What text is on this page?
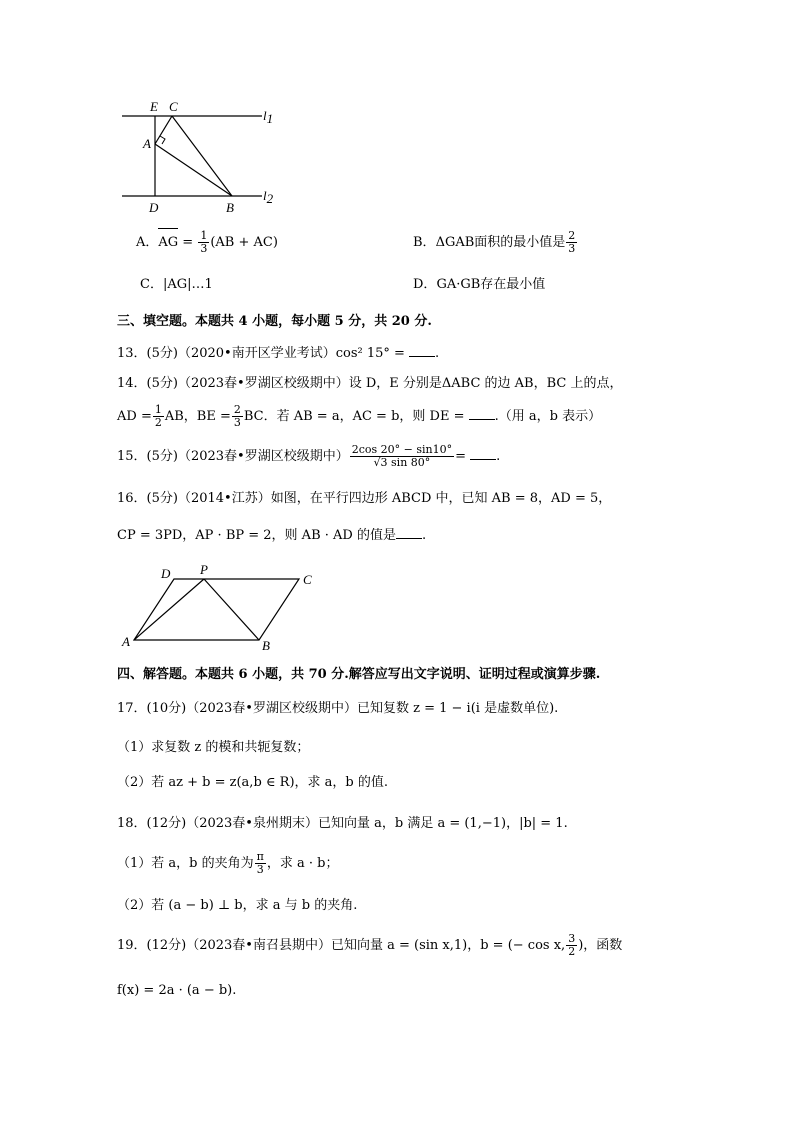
E C
A
D	B
l1
l2
A．AG = $\frac{1}{3} (AB + AC)$	B．ΔGAB面积的最小值是 $\frac{2}{3}$
C．|AG|…1	D．GA·GB存在最小值
三、填空题。本题共 4 小题，每小题 5 分，共 20 分.
13．(5分)（2020•南开区学业考试）cos² 15° = .
14．(5分)（2023春•罗湖区校级期中）设 D，E 分别是ΔABC 的边 AB，BC 上的点，
AD = $\frac{1}{2}$ AB，BE = $\frac{2}{3}$ BC．若 AB = a，AC = b，则 DE = .（用 a，b 表示）
15．(5分)（2023春•罗湖区校级期中） $\frac{2\cos 20^\circ - \sin 10^\circ}{√3 \sin 80^\circ}$ = .
16．(5分)（2014•江苏）如图，在平行四边形 ABCD 中，已知 AB = 8，AD = 5，
CP = 3PD，AP · BP = 2，则 AB · AD 的值是 .
D P
C
A	B
四、解答题。本题共 6 小题，共 70 分.解答应写出文字说明、证明过程或演算步骤.
17．(10分)（2023春•罗湖区校级期中）已知复数 z = 1 − i(i 是虚数单位).
（1）求复数 z 的模和共轭复数；
（2）若 az + b = z(a,b ∈ R)，求 a，b 的值.
18．(12分)（2023春•泉州期末）已知向量 a，b 满足 a = (1,−1)，|b| = 1.
（1）若 a，b 的夹角为 $\frac{\pi}{3}$ ，求 a · b；
（2）若 (a − b) ⊥ b，求 a 与 b 的夹角.
19．(12分)（2023春•南召县期中）已知向量 a = (sin x,1)，b = (− cos x, $\frac{3}{2}$ )，函数
f(x) = 2a · (a − b).
